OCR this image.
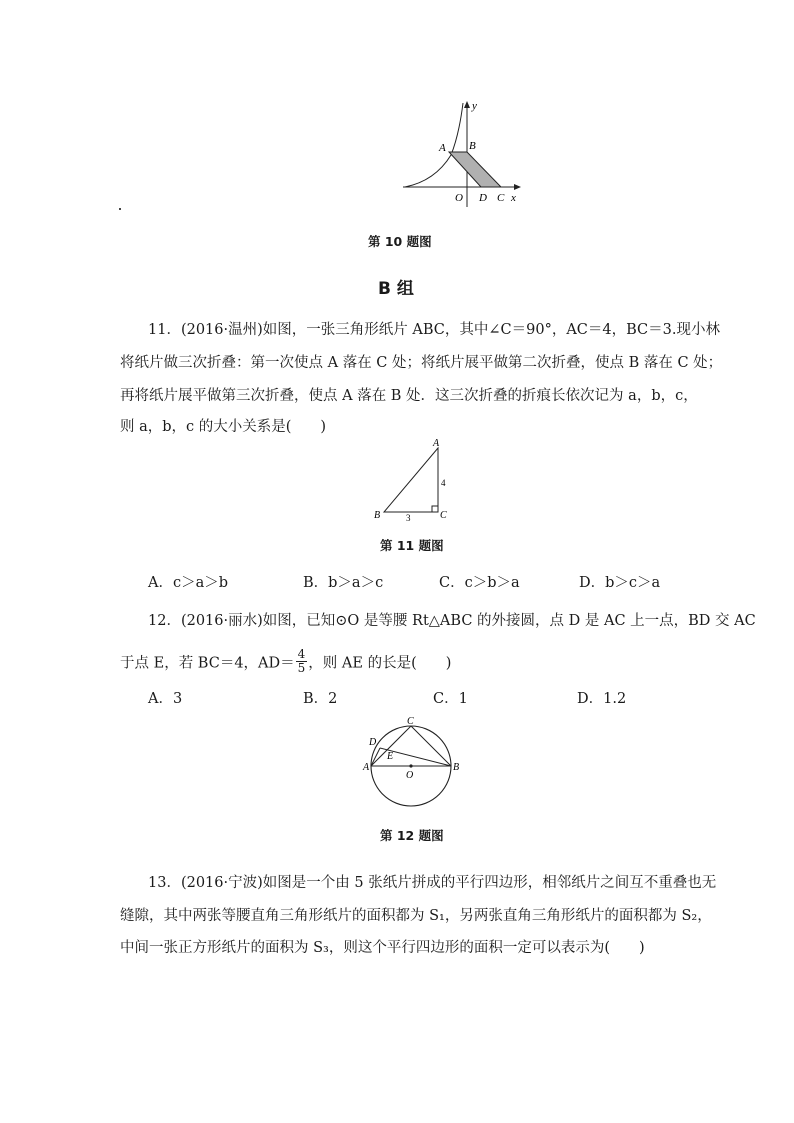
y
x
A B
O D C
第 10 题图
B 组
11．(2016·温州)如图，一张三角形纸片 ABC，其中∠C＝90°，AC＝4，BC＝3.现小林
将纸片做三次折叠：第一次使点 A 落在 C 处；将纸片展平做第二次折叠，使点 B 落在 C 处；
再将纸片展平做第三次折叠，使点 A 落在 B 处．这三次折叠的折痕长依次记为 a，b，c，
则 a，b，c 的大小关系是(　　)
A
B	C
4
3
第 11 题图
A．c＞a＞b	B．b＞a＞c	C．c＞b＞a	D．b＞c＞a
12．(2016·丽水)如图，已知⊙O 是等腰 Rt△ABC 的外接圆，点 D 是 AC 上一点，BD 交 AC
于点 E，若 BC＝4，$AD= \frac{4}{5}$ ，则 AE 的长是(　　)
A．3	B．2	C．1	D．1.2
C
D
E
A
O
B
第 12 题图
13．(2016·宁波)如图是一个由 5 张纸片拼成的平行四边形，相邻纸片之间互不重叠也无
缝隙，其中两张等腰直角三角形纸片的面积都为 S₁，另两张直角三角形纸片的面积都为 S₂，
中间一张正方形纸片的面积为 S₃，则这个平行四边形的面积一定可以表示为(　　)
